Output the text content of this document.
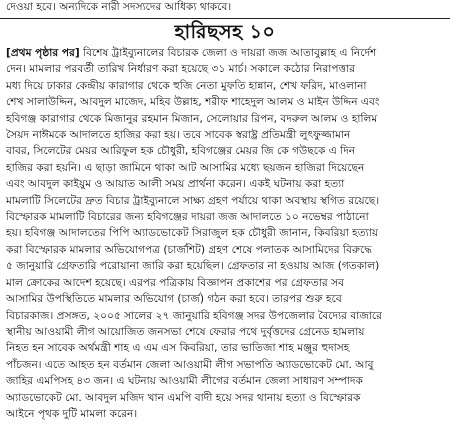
দেওয়া হবে। অন্যদিকে নারী সদস্যদের আধিক্য থাকবে।
হারিছসহ ১০
[প্রথম পৃষ্ঠার পর] বিশেষ ট্রাইব্যুনালের বিচারক জেলা ও দায়রা জজ আতাবুল্লাহ এ নির্দেশ
দেন। মামলার পরবর্তী তারিখ নির্ধারণ করা হয়েছে ৩১ মার্চ। সকালে কঠোর নিরাপত্তার
মধ্য দিয়ে ঢাকার কেন্দ্রীয় কারাগার থেকে হুজি নেতা মুফতি হান্নান, শেখ ফরিদ, মাওলানা
শেখ সালাউদ্দিন, আবদুল মাজেদ, মহিব উল্লাহ, শরীফ শাহেদুল আলম ও মাইন উদ্দিন এবং
হবিগঞ্জ কারাগার থেকে মিজানুর রহমান মিজান, সেলোয়ার রিপন, বদরুল আলম ও হালিম
সৈয়দ নাঈমকে আদালতে হাজির করা হয়। তবে সাবেক স্বরাষ্ট্র প্রতিমন্ত্রী লুৎফুজ্জামান
বাবর, সিলেটের মেয়র আরিফুল হক চৌধুরী, হবিগঞ্জের মেয়র জি কে গউছকে এ দিন
হাজির করা হয়নি। এ ছাড়া জামিনে থাকা আট আসামির মধ্যে ছয়জন হাজিরা দিয়েছেন
এবং আবদুল কাইয়ুম ও আয়াত আলী সময় প্রার্থনা করেন। একই ঘটনায় করা হত্যা
মামলাটি সিলেটের দ্রুত বিচার ট্রাইব্যুনালে সাক্ষ্য গ্রহণ পর্যায়ে থাকা অবস্থায় স্থগিত রয়েছে।
বিস্ফোরক মামলাটি বিচারের জন্য হবিগঞ্জের দায়রা জজ আদালতে ১০ নভেম্বর পাঠানো
হয়। হবিগঞ্জ আদালতের পিপি অ্যাডভোকেট সিরাজুল হক চৌধুরী জানান, কিবরিয়া হত্যায়
করা বিস্ফোরক মামলার অভিযোগপত্র (চার্জশিট) গ্রহণ শেষে পলাতক আসামিদের বিরুদ্ধে
৫ জানুয়ারি গ্রেফতারি পরোয়ানা জারি করা হয়েছিল। গ্রেফতার না হওয়ায় আজ (গতকাল)
মাল ক্রোকের আদেশ হয়েছে। এরপর পত্রিকায় বিজ্ঞাপন প্রকাশের পর গ্রেফতার সব
আসামির উপস্থিতিতে মামলার অভিযোগ (চার্জ) গঠন করা হবে। তারপর শুরু হবে
বিচারকাজ। প্রসঙ্গত, ২০০৫ সালের ২৭ জানুয়ারি হবিগঞ্জ সদর উপজেলার বৈদ্যের বাজারে
স্থানীয় আওয়ামী লীগ আয়োজিত জনসভা শেষে ফেরার পথে দুর্বৃত্তদের গ্রেনেড হামলায়
নিহত হন সাবেক অর্থমন্ত্রী শাহ এ এম এস কিবরিয়া, তার ভাতিজা শাহ মঞ্জুর হুদাসহ
পাঁচজন। এতে আহত হন বর্তমান জেলা আওয়ামী লীগ সভাপতি অ্যাডভোকেট মো. আবু
জাহির এমপিসহ ৪৩ জন। এ ঘটনায় আওয়ামী লীগের বর্তমান জেলা সাধারণ সম্পাদক
অ্যাডভোকেট মো. আবদুল মজিদ খান এমপি বাদী হয়ে সদর থানায় হত্যা ও বিস্ফোরক
আইনে পৃথক দুটি মামলা করেন।
